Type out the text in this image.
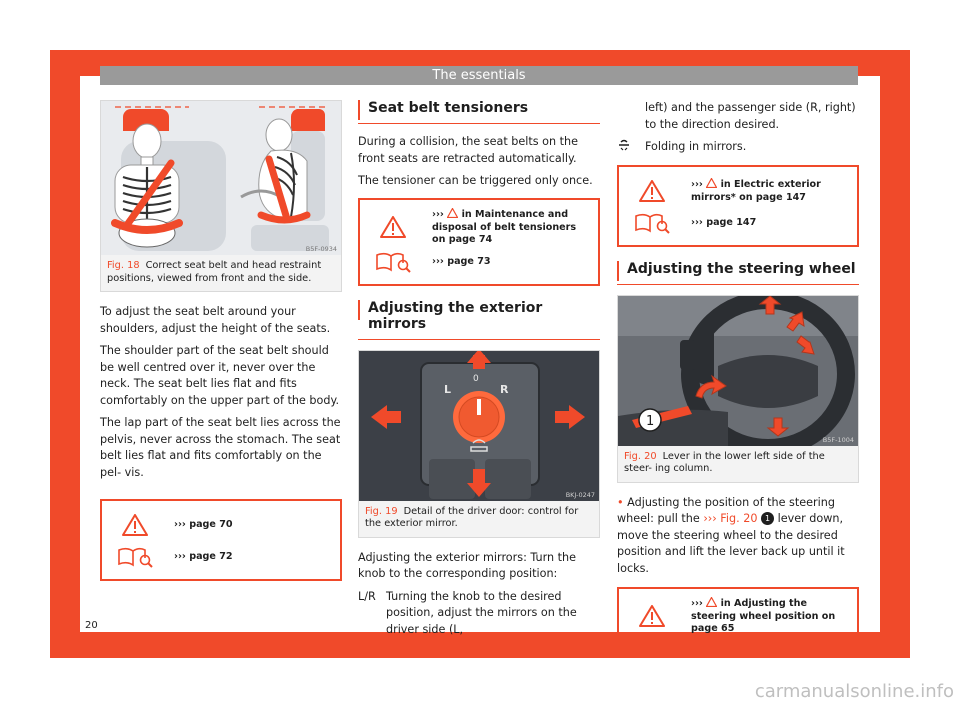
The essentials
B5F-0934
Fig. 18 Correct seat belt and head restraint positions, viewed from front and the side.

To adjust the seat belt around your shoulders, adjust the height of the seats.

The shoulder part of the seat belt should be well centred over it, never over the neck. The seat belt lies flat and fits comfortably on the upper part of the body.

The lap part of the seat belt lies across the pelvis, never across the stomach. The seat belt lies flat and fits comfortably on the pel- vis.

››› page 70
››› page 72
Seat belt tensioners

During a collision, the seat belts on the front seats are retracted automatically.

The tensioner can be triggered only once.

››› in Maintenance and disposal of belt tensioners on page 74
››› page 73
Adjusting the exterior mirrors
L
0
R
BKJ-0247
Fig. 19 Detail of the driver door: control for the exterior mirror.

Adjusting the exterior mirrors: Turn the knob to the corresponding position:

L/R Turning the knob to the desired position, adjust the mirrors on the driver side (L,
left) and the passenger side (R, right) to the direction desired.
Folding in mirrors.
››› in Electric exterior mirrors* on page 147
››› page 147
Adjusting the steering wheel
1
B5F-1004
Fig. 20 Lever in the lower left side of the steer- ing column.

• Adjusting the position of the steering wheel: pull the ››› Fig. 20 1 lever down, move the steering wheel to the desired position and lift the lever back up until it locks.

››› in Adjusting the steering wheel position on page 65
20
carmanualsonline.info
